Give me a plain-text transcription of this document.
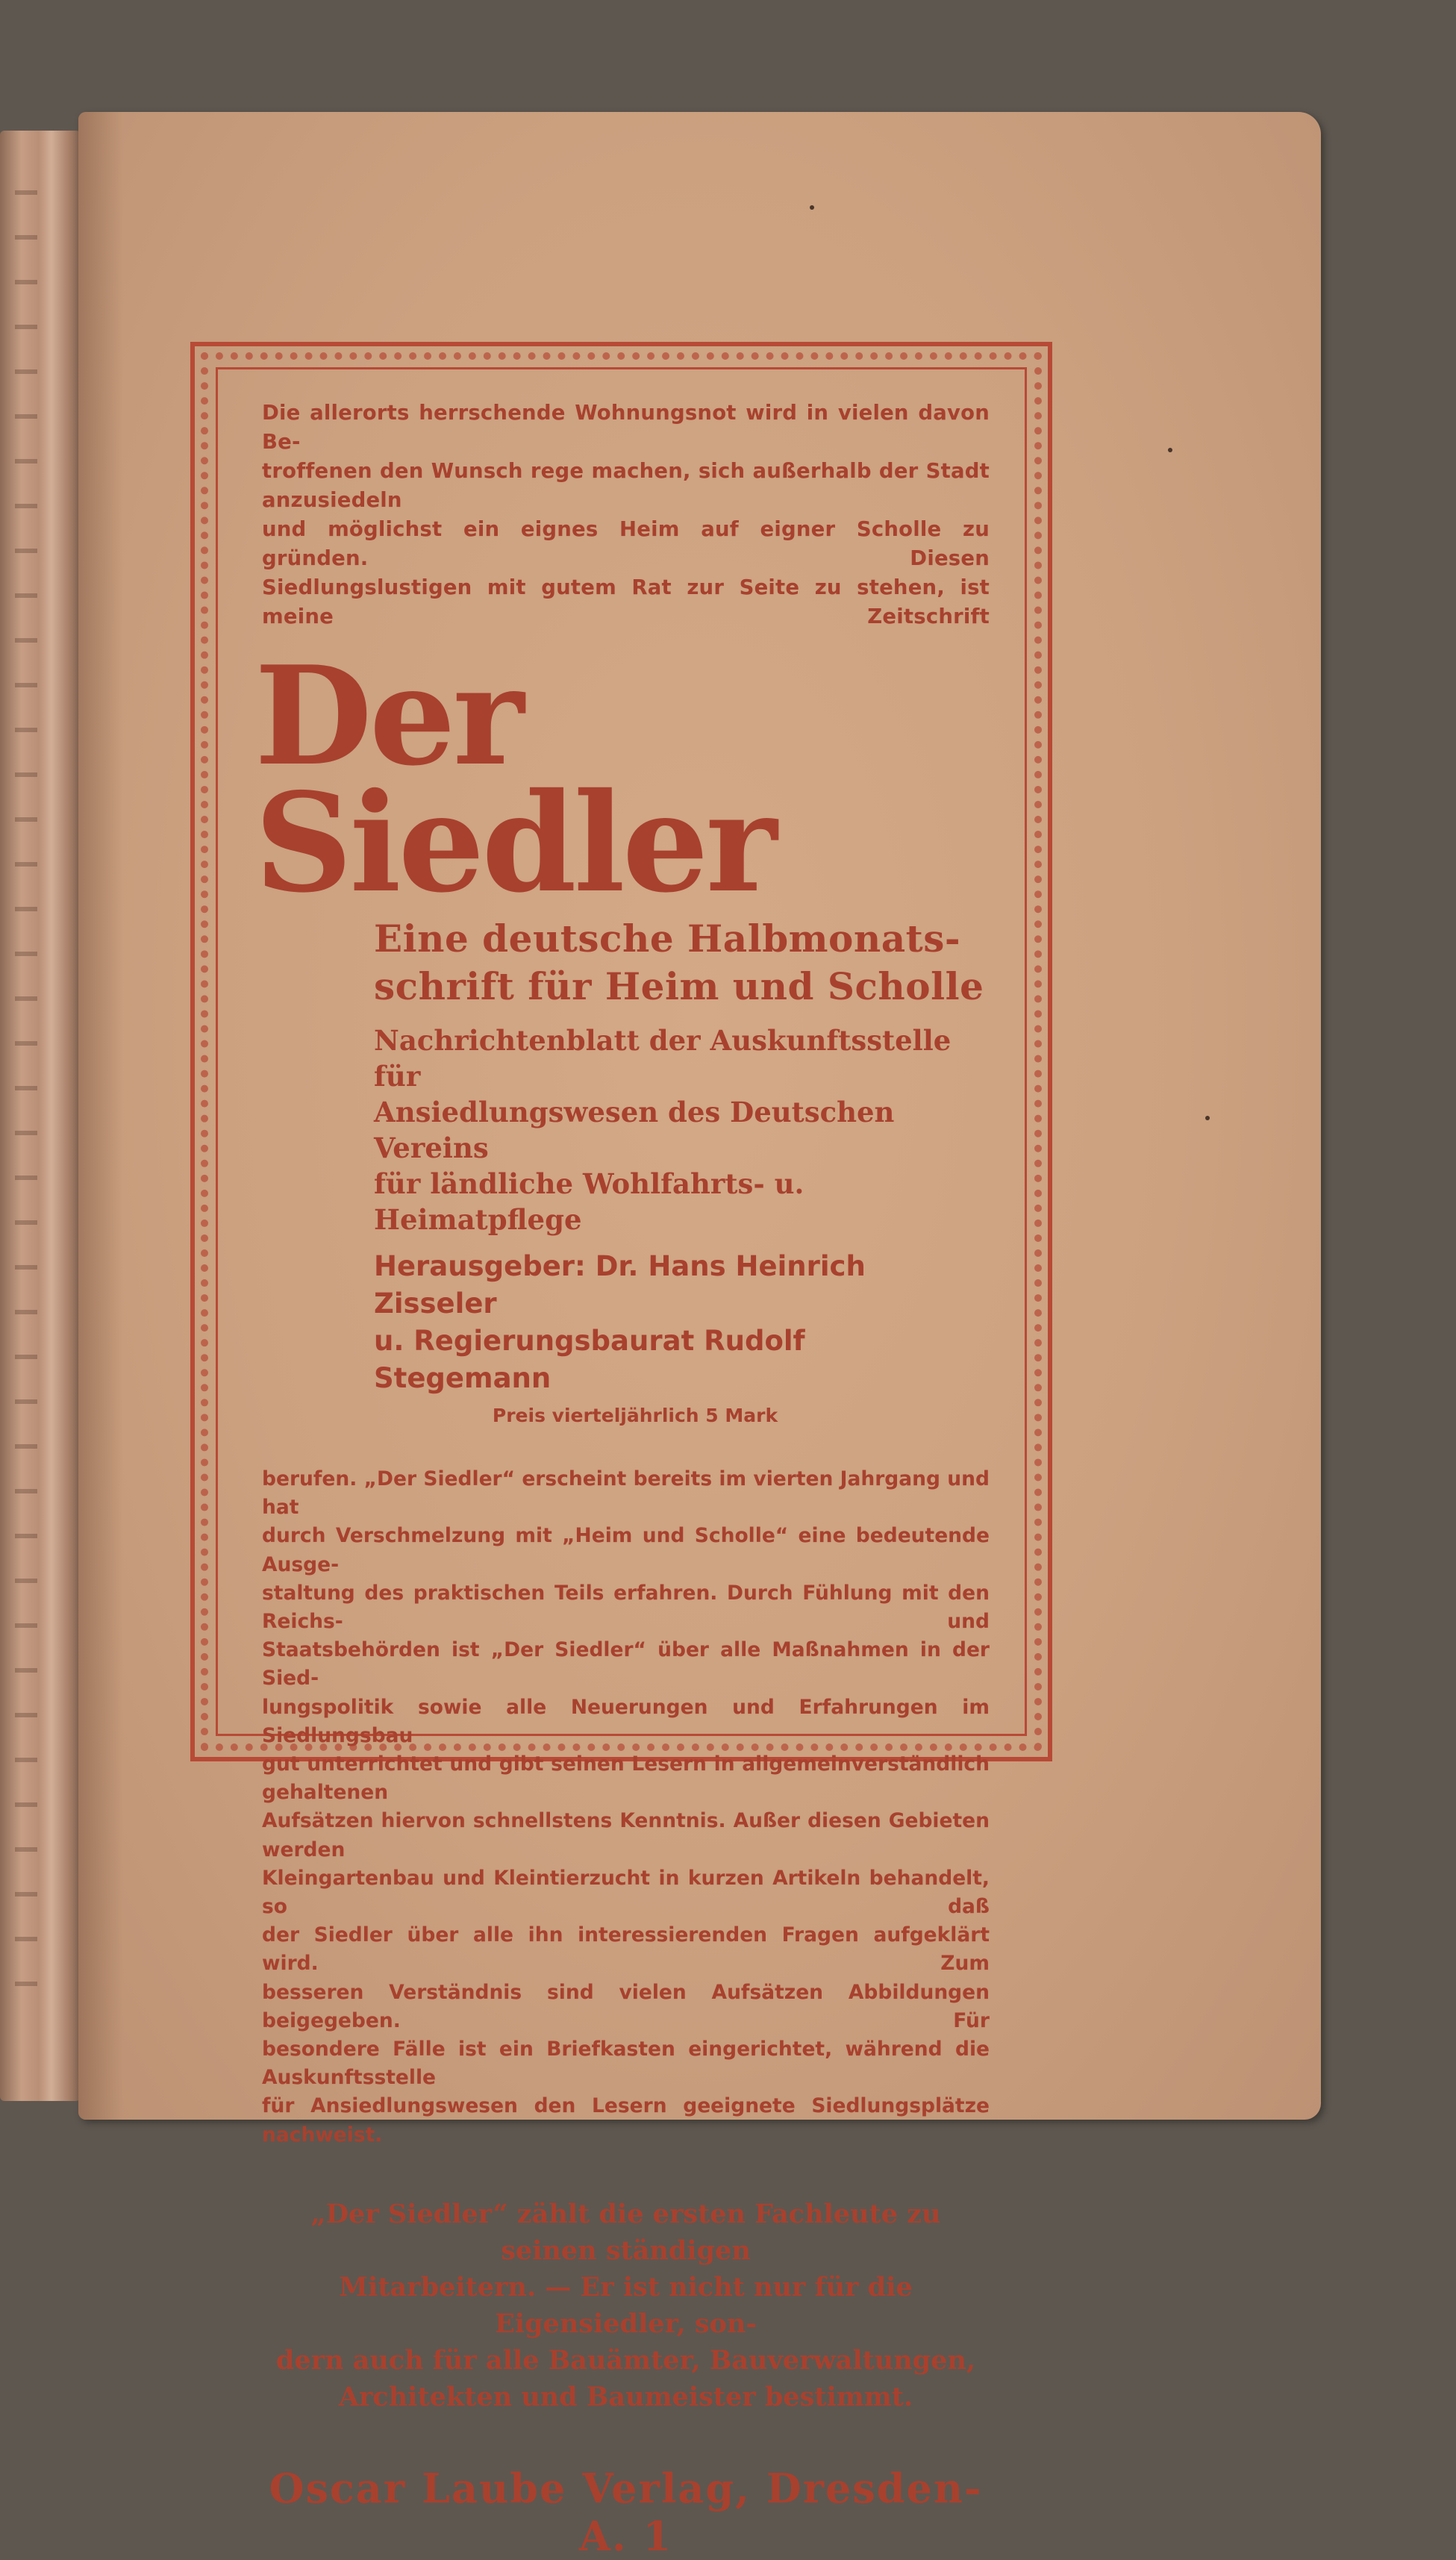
Die allerorts herrschende Wohnungsnot wird in vielen davon Be-
troffenen den Wunsch rege machen, sich außerhalb der Stadt anzusiedeln
und möglichst ein eignes Heim auf eigner Scholle zu gründen. Diesen
Siedlungslustigen mit gutem Rat zur Seite zu stehen, ist meine Zeitschrift
Der Siedler
Eine deutsche Halbmonats-
schrift für Heim und Scholle
Nachrichtenblatt der Auskunftsstelle für
Ansiedlungswesen des Deutschen Vereins
für ländliche Wohlfahrts- u. Heimatpflege
Herausgeber: Dr. Hans Heinrich Zisseler
u. Regierungsbaurat Rudolf Stegemann
Preis vierteljährlich 5 Mark
berufen. „Der Siedler“ erscheint bereits im vierten Jahrgang und hat
durch Verschmelzung mit „Heim und Scholle“ eine bedeutende Ausge-
staltung des praktischen Teils erfahren. Durch Fühlung mit den Reichs- und
Staatsbehörden ist „Der Siedler“ über alle Maßnahmen in der Sied-
lungspolitik sowie alle Neuerungen und Erfahrungen im Siedlungsbau
gut unterrichtet und gibt seinen Lesern in allgemeinverständlich gehaltenen
Aufsätzen hiervon schnellstens Kenntnis. Außer diesen Gebieten werden
Kleingartenbau und Kleintierzucht in kurzen Artikeln behandelt, so daß
der Siedler über alle ihn interessierenden Fragen aufgeklärt wird. Zum
besseren Verständnis sind vielen Aufsätzen Abbildungen beigegeben. Für
besondere Fälle ist ein Briefkasten eingerichtet, während die Auskunftsstelle
für Ansiedlungswesen den Lesern geeignete Siedlungsplätze nachweist.
„Der Siedler“ zählt die ersten Fachleute zu seinen ständigen
Mitarbeitern. — Er ist nicht nur für die Eigensiedler, son-
dern auch für alle Bauämter, Bauverwaltungen,
Architekten und Baumeister bestimmt.
Oscar Laube Verlag, Dresden-A. 1
